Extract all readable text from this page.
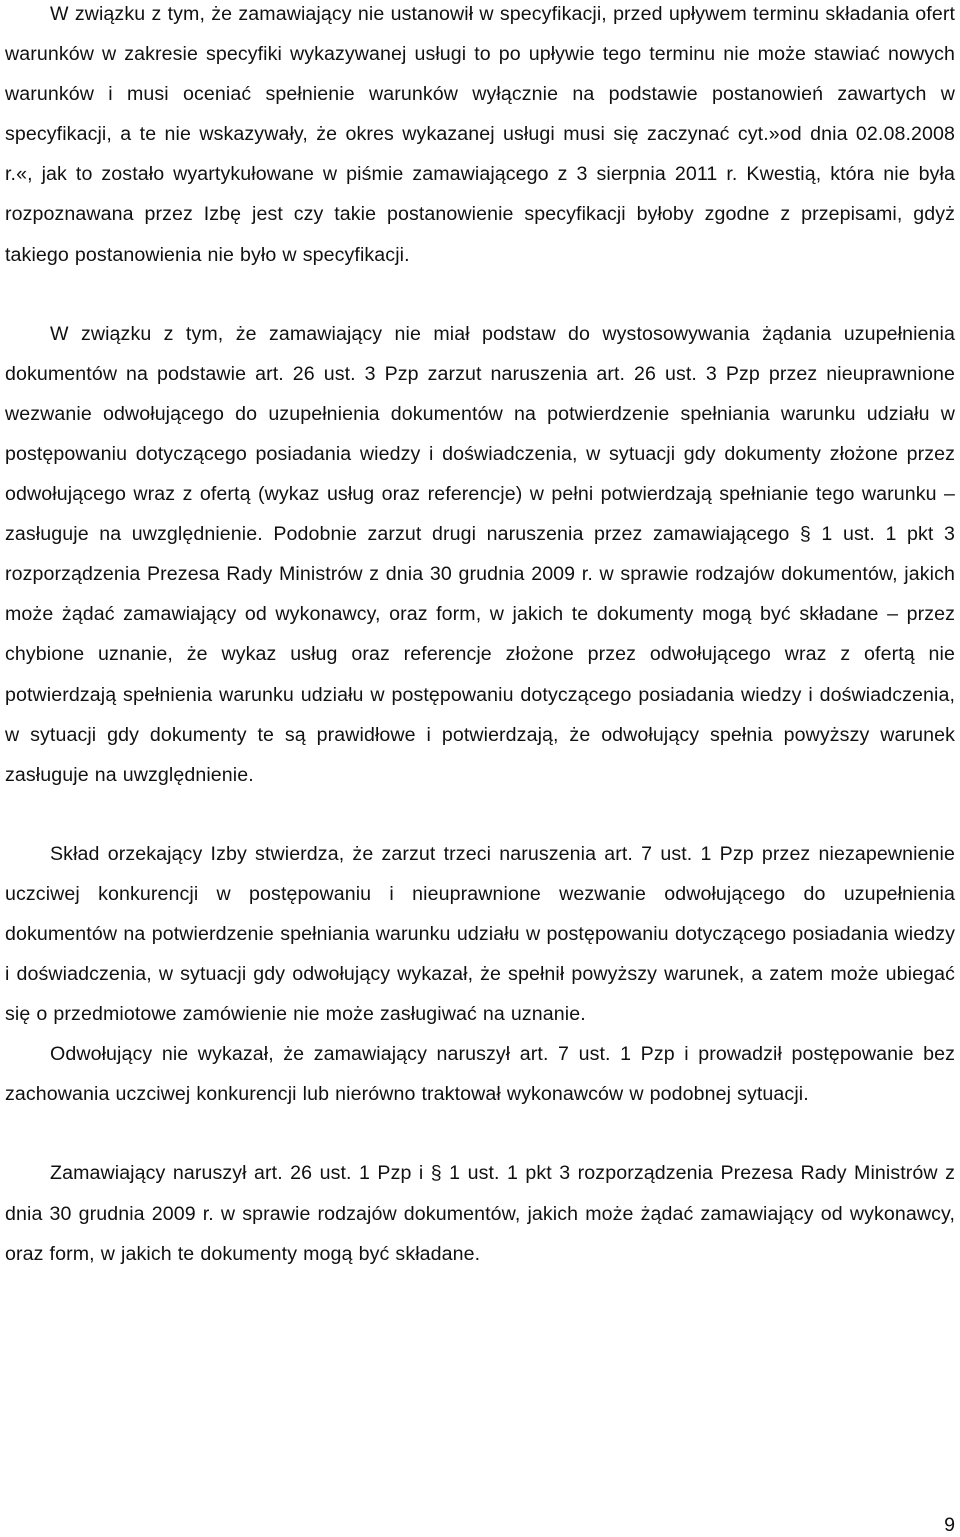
W związku z tym, że zamawiający nie ustanowił w specyfikacji, przed upływem terminu składania ofert warunków w zakresie specyfiki wykazywanej usługi to po upływie tego terminu nie może stawiać nowych warunków i musi oceniać spełnienie warunków wyłącznie na podstawie postanowień zawartych w specyfikacji, a te nie wskazywały, że okres wykazanej usługi musi się zaczynać cyt.»od dnia 02.08.2008 r.«, jak to zostało wyartykułowane w piśmie zamawiającego z 3 sierpnia 2011 r. Kwestią, która nie była rozpoznawana przez Izbę jest czy takie postanowienie specyfikacji byłoby zgodne z przepisami, gdyż takiego postanowienia nie było w specyfikacji.

W związku z tym, że zamawiający nie miał podstaw do wystosowywania żądania uzupełnienia dokumentów na podstawie art. 26 ust. 3 Pzp zarzut naruszenia art. 26 ust. 3 Pzp przez nieuprawnione wezwanie odwołującego do uzupełnienia dokumentów na potwierdzenie spełniania warunku udziału w postępowaniu dotyczącego posiadania wiedzy i doświadczenia, w sytuacji gdy dokumenty złożone przez odwołującego wraz z ofertą (wykaz usług oraz referencje) w pełni potwierdzają spełnianie tego warunku – zasługuje na uwzględnienie. Podobnie zarzut drugi naruszenia przez zamawiającego § 1 ust. 1 pkt 3 rozporządzenia Prezesa Rady Ministrów z dnia 30 grudnia 2009 r. w sprawie rodzajów dokumentów, jakich może żądać zamawiający od wykonawcy, oraz form, w jakich te dokumenty mogą być składane – przez chybione uznanie, że wykaz usług oraz referencje złożone przez odwołującego wraz z ofertą nie potwierdzają spełnienia warunku udziału w postępowaniu dotyczącego posiadania wiedzy i doświadczenia, w sytuacji gdy dokumenty te są prawidłowe i potwierdzają, że odwołujący spełnia powyższy warunek zasługuje na uwzględnienie.

Skład orzekający Izby stwierdza, że zarzut trzeci naruszenia art. 7 ust. 1 Pzp przez niezapewnienie uczciwej konkurencji w postępowaniu i nieuprawnione wezwanie odwołującego do uzupełnienia dokumentów na potwierdzenie spełniania warunku udziału w postępowaniu dotyczącego posiadania wiedzy i doświadczenia, w sytuacji gdy odwołujący wykazał, że spełnił powyższy warunek, a zatem może ubiegać się o przedmiotowe zamówienie nie może zasługiwać na uznanie.

Odwołujący nie wykazał, że zamawiający naruszył art. 7 ust. 1 Pzp i prowadził postępowanie bez zachowania uczciwej konkurencji lub nierówno traktował wykonawców w podobnej sytuacji.

Zamawiający naruszył art. 26 ust. 1 Pzp i § 1 ust. 1 pkt 3 rozporządzenia Prezesa Rady Ministrów z dnia 30 grudnia 2009 r. w sprawie rodzajów dokumentów, jakich może żądać zamawiający od wykonawcy, oraz form, w jakich te dokumenty mogą być składane.

9
